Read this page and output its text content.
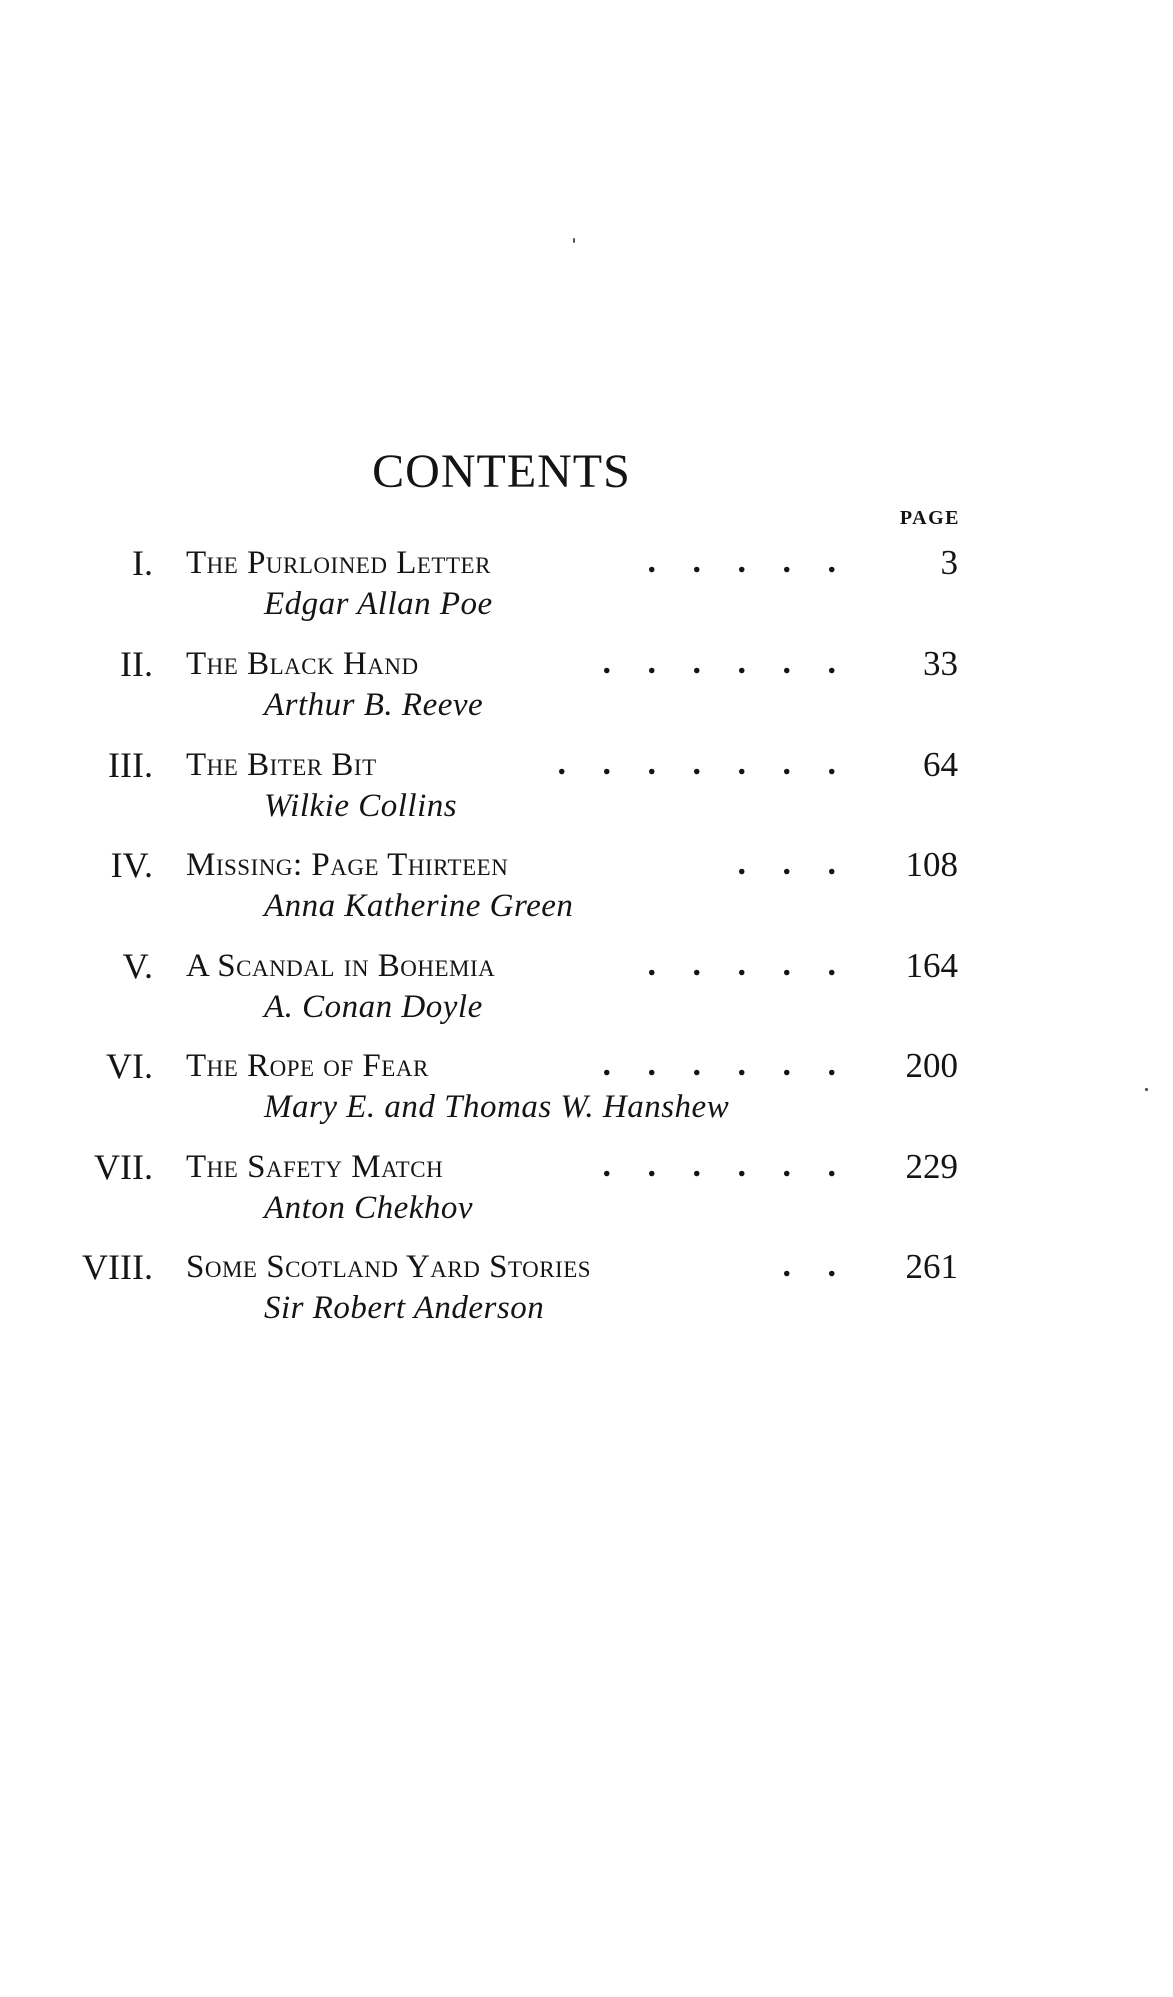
CONTENTS
PAGE
I. The Purloined Letter	. . . . .	3
Edgar Allan Poe
II. The Black Hand	. . . . . . 33
Arthur B. Reeve
III. The Biter Bit	. . . . . . . 64
Wilkie Collins
IV. Missing: Page Thirteen	. . . 108
Anna Katherine Green
V. A Scandal in Bohemia	. . . . . 164
A. Conan Doyle
VI. The Rope of Fear	. . . . . . 200
Mary E. and Thomas W. Hanshew
VII. The Safety Match	. . . . . . 229
Anton Chekhov
VIII. Some Scotland Yard Stories	. . 261
Sir Robert Anderson
